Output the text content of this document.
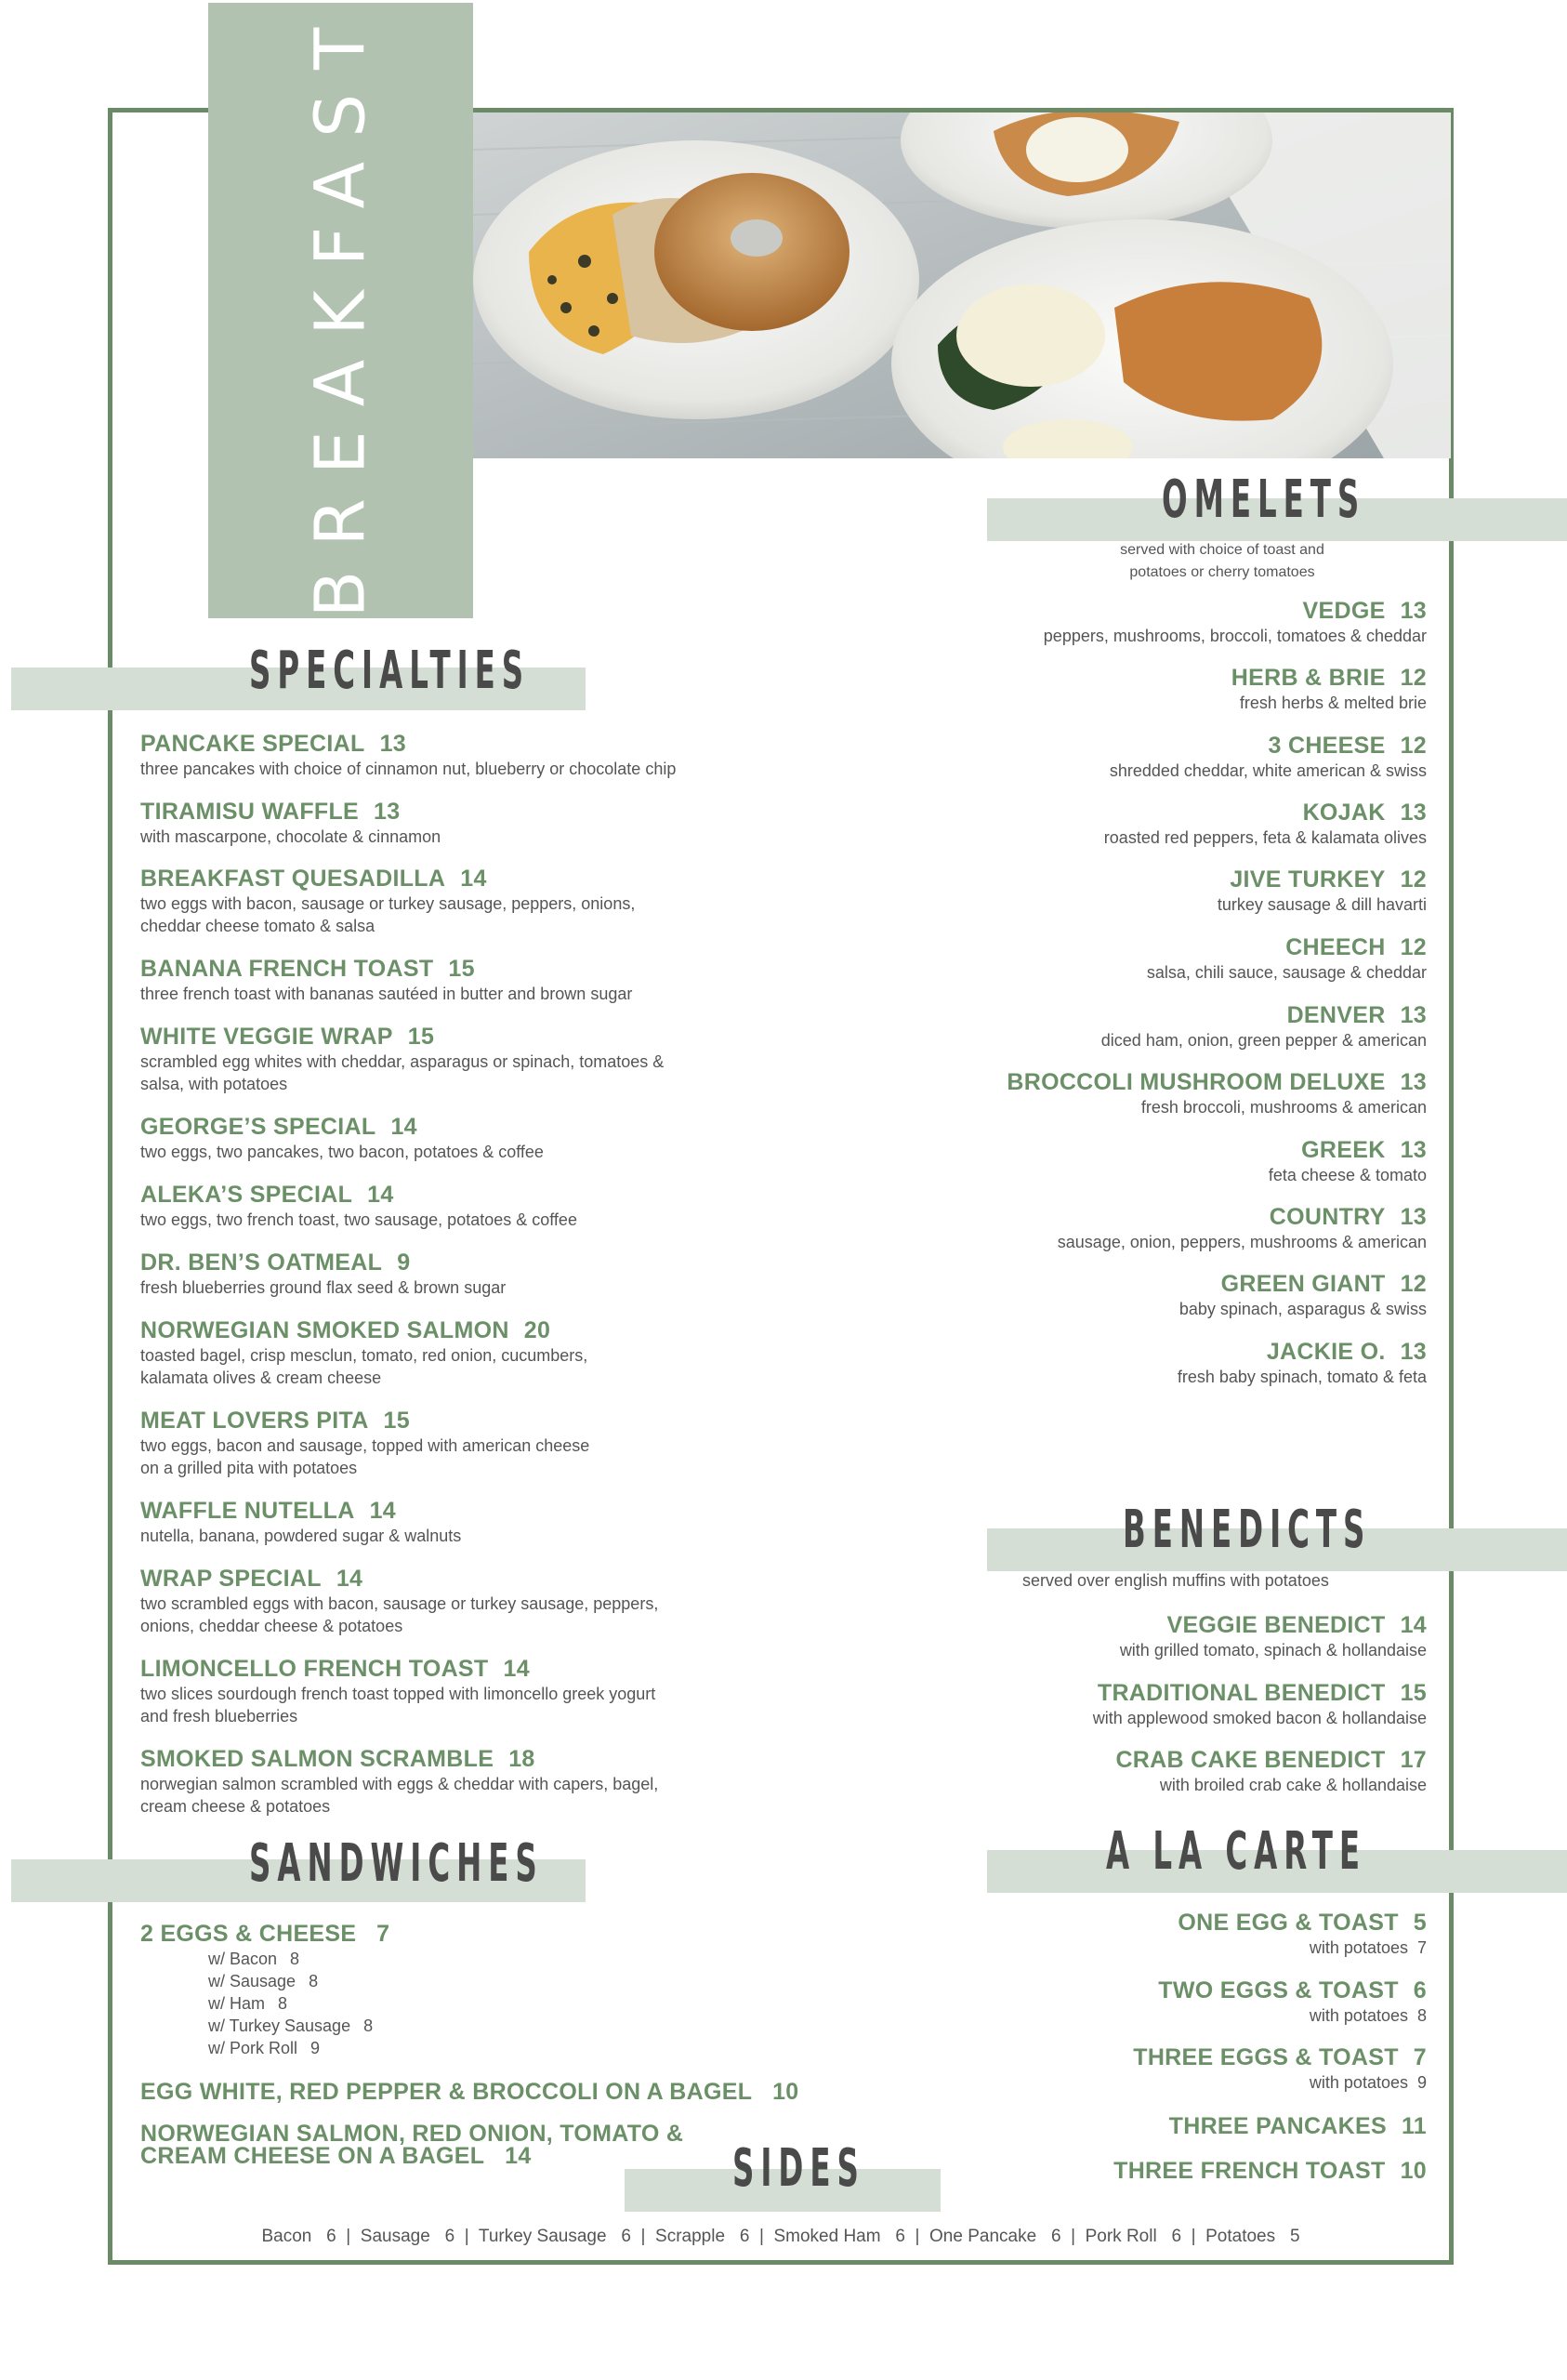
BREAKFAST
SPECIALTIES
PANCAKE SPECIAL 13
three pancakes with choice of cinnamon nut, blueberry or chocolate chip
TIRAMISU WAFFLE 13
with mascarpone, chocolate & cinnamon
BREAKFAST QUESADILLA 14
two eggs with bacon, sausage or turkey sausage, peppers, onions,
cheddar cheese tomato & salsa
BANANA FRENCH TOAST 15
three french toast with bananas sautéed in butter and brown sugar
WHITE VEGGIE WRAP 15
scrambled egg whites with cheddar, asparagus or spinach, tomatoes &
salsa, with potatoes
GEORGE’S SPECIAL 14
two eggs, two pancakes, two bacon, potatoes & coffee
ALEKA’S SPECIAL 14
two eggs, two french toast, two sausage, potatoes & coffee
DR. BEN’S OATMEAL 9
fresh blueberries ground flax seed & brown sugar
NORWEGIAN SMOKED SALMON 20
toasted bagel, crisp mesclun, tomato, red onion, cucumbers,
kalamata olives & cream cheese
MEAT LOVERS PITA 15
two eggs, bacon and sausage, topped with american cheese
on a grilled pita with potatoes
WAFFLE NUTELLA 14
nutella, banana, powdered sugar & walnuts
WRAP SPECIAL 14
two scrambled eggs with bacon, sausage or turkey sausage, peppers,
onions, cheddar cheese & potatoes
LIMONCELLO FRENCH TOAST 14
two slices sourdough french toast topped with limoncello greek yogurt
and fresh blueberries
SMOKED SALMON SCRAMBLE 18
norwegian salmon scrambled with eggs & cheddar with capers, bagel,
cream cheese & potatoes
SANDWICHES
2 EGGS & CHEESE 7
w/ Bacon 8
w/ Sausage 8
w/ Ham 8
w/ Turkey Sausage 8
w/ Pork Roll 9
EGG WHITE, RED PEPPER & BROCCOLI ON A BAGEL 10
NORWEGIAN SALMON, RED ONION, TOMATO &
CREAM CHEESE ON A BAGEL 14
OMELETS
served with choice of toast and
potatoes or cherry tomatoes
VEDGE 13
peppers, mushrooms, broccoli, tomatoes & cheddar
HERB & BRIE 12
fresh herbs & melted brie
3 CHEESE 12
shredded cheddar, white american & swiss
KOJAK 13
roasted red peppers, feta & kalamata olives
JIVE TURKEY 12
turkey sausage & dill havarti
CHEECH 12
salsa, chili sauce, sausage & cheddar
DENVER 13
diced ham, onion, green pepper & american
BROCCOLI MUSHROOM DELUXE 13
fresh broccoli, mushrooms & american
GREEK 13
feta cheese & tomato
COUNTRY 13
sausage, onion, peppers, mushrooms & american
GREEN GIANT 12
baby spinach, asparagus & swiss
JACKIE O. 13
fresh baby spinach, tomato & feta
BENEDICTS
served over english muffins with potatoes
VEGGIE BENEDICT 14
with grilled tomato, spinach & hollandaise
TRADITIONAL BENEDICT 15
with applewood smoked bacon & hollandaise
CRAB CAKE BENEDICT 17
with broiled crab cake & hollandaise
A LA CARTE
ONE EGG & TOAST 5
with potatoes 7
TWO EGGS & TOAST 6
with potatoes 8
THREE EGGS & TOAST 7
with potatoes 9
THREE PANCAKES 11
THREE FRENCH TOAST 10
SIDES
Bacon   6  |  Sausage   6  |  Turkey Sausage   6  |  Scrapple   6  |  Smoked Ham   6  |  One Pancake   6  |  Pork Roll   6  |  Potatoes   5
